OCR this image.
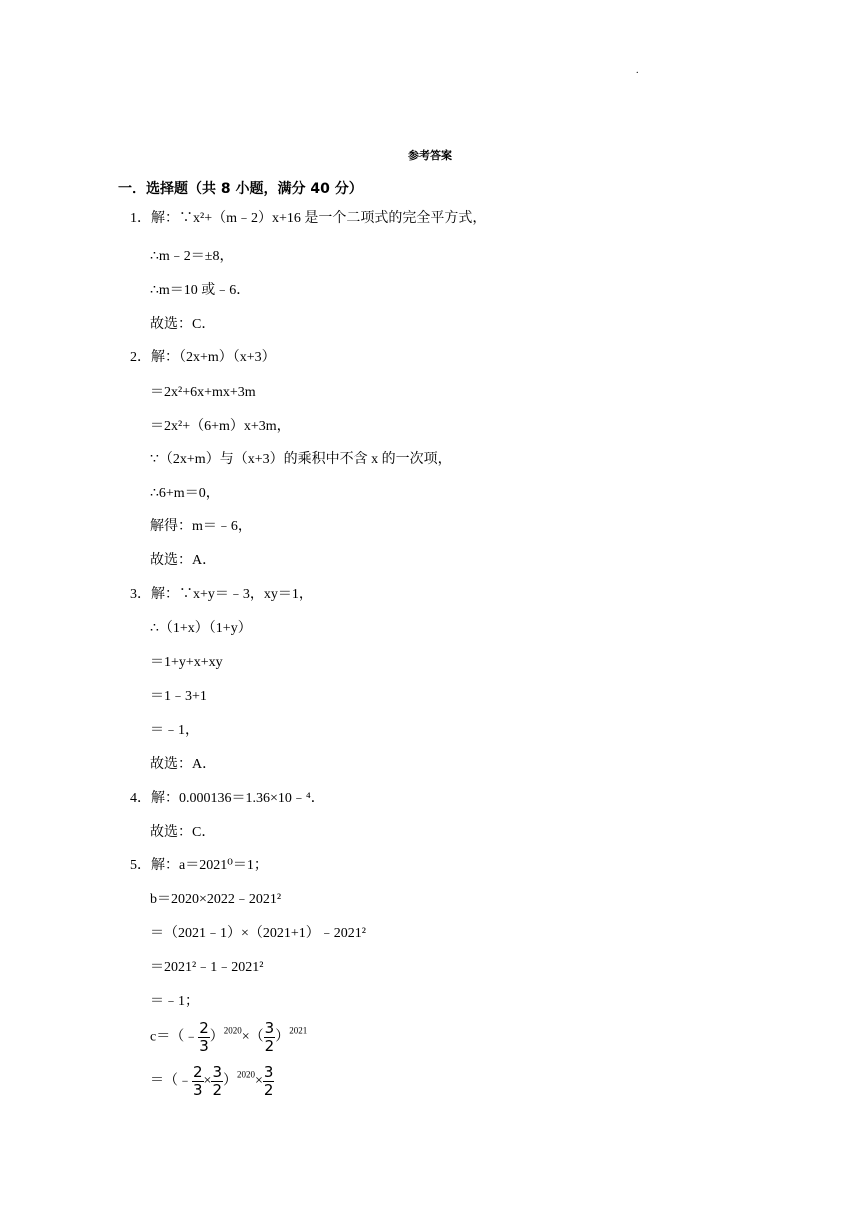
.
参考答案
一．选择题（共 8 小题，满分 40 分）
1．解：∵x²+（m﹣2）x+16 是一个二项式的完全平方式，
∴m﹣2＝±8，
∴m＝10 或﹣6．
故选：C．
2．解：（2x+m）（x+3）
＝2x²+6x+mx+3m
＝2x²+（6+m）x+3m，
∵（2x+m）与（x+3）的乘积中不含 x 的一次项，
∴6+m＝0，
解得：m＝﹣6，
故选：A．
3．解：∵x+y＝﹣3，xy＝1，
∴（1+x）（1+y）
＝1+y+x+xy
＝1﹣3+1
＝﹣1，
故选：A．
4．解：0.000136＝1.36×10﹣⁴．
故选：C．
5．解：a＝2021⁰＝1；
b＝2020×2022﹣2021²
＝（2021﹣1）×（2021+1）﹣2021²
＝2021²﹣1﹣2021²
＝﹣1；
c＝（﹣ $\frac{2}{3} )^{2020}\times( \frac{3}{2} )^{2021}$
＝（﹣ $\frac{2}{3} \times \frac{3}{2} )^{2020}\times \frac{3}{2}$
